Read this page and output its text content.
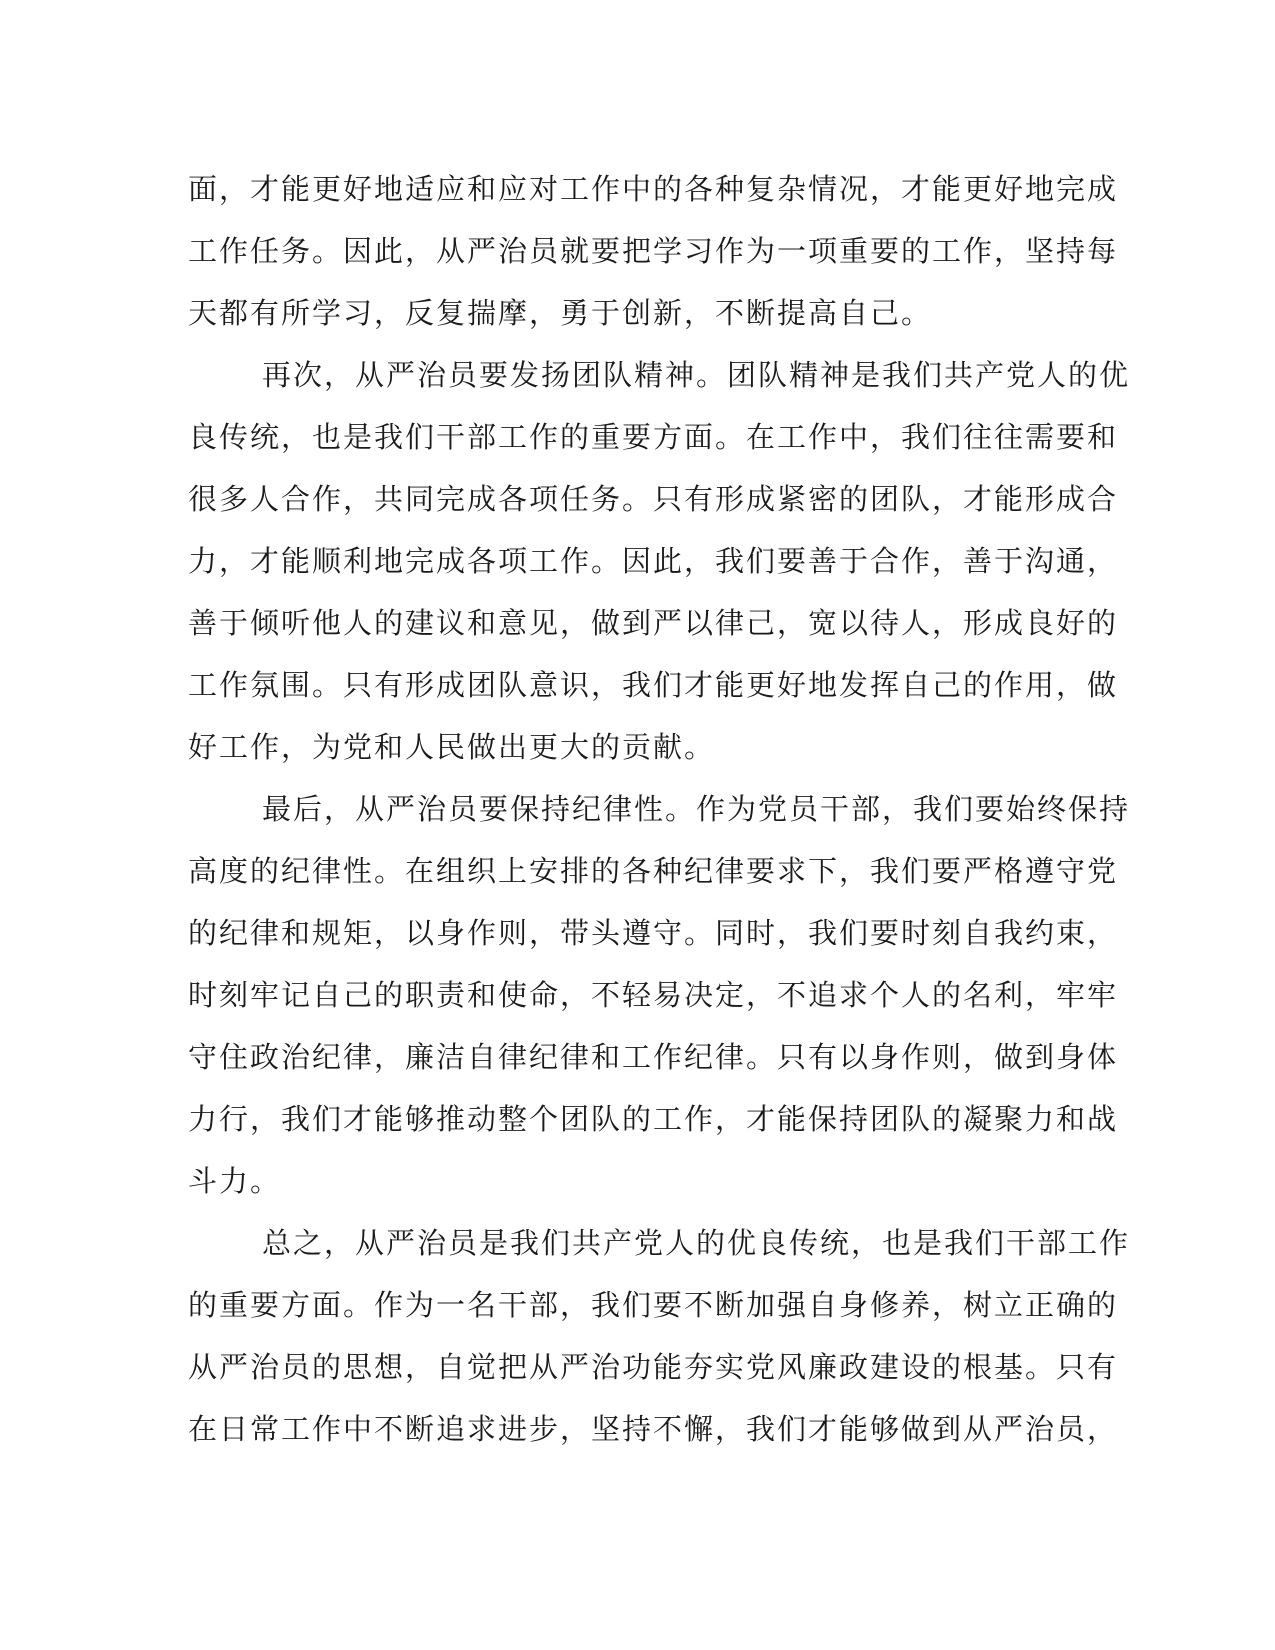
面，才能更好地适应和应对工作中的各种复杂情况，才能更好地完成
工作任务。因此，从严治员就要把学习作为一项重要的工作，坚持每
天都有所学习，反复揣摩，勇于创新，不断提高自己。
再次，从严治员要发扬团队精神。团队精神是我们共产党人的优
良传统，也是我们干部工作的重要方面。在工作中，我们往往需要和
很多人合作，共同完成各项任务。只有形成紧密的团队，才能形成合
力，才能顺利地完成各项工作。因此，我们要善于合作，善于沟通，
善于倾听他人的建议和意见，做到严以律己，宽以待人，形成良好的
工作氛围。只有形成团队意识，我们才能更好地发挥自己的作用，做
好工作，为党和人民做出更大的贡献。
最后，从严治员要保持纪律性。作为党员干部，我们要始终保持
高度的纪律性。在组织上安排的各种纪律要求下，我们要严格遵守党
的纪律和规矩，以身作则，带头遵守。同时，我们要时刻自我约束，
时刻牢记自己的职责和使命，不轻易决定，不追求个人的名利，牢牢
守住政治纪律，廉洁自律纪律和工作纪律。只有以身作则，做到身体
力行，我们才能够推动整个团队的工作，才能保持团队的凝聚力和战
斗力。
总之，从严治员是我们共产党人的优良传统，也是我们干部工作
的重要方面。作为一名干部，我们要不断加强自身修养，树立正确的
从严治员的思想，自觉把从严治功能夯实党风廉政建设的根基。只有
在日常工作中不断追求进步，坚持不懈，我们才能够做到从严治员，
